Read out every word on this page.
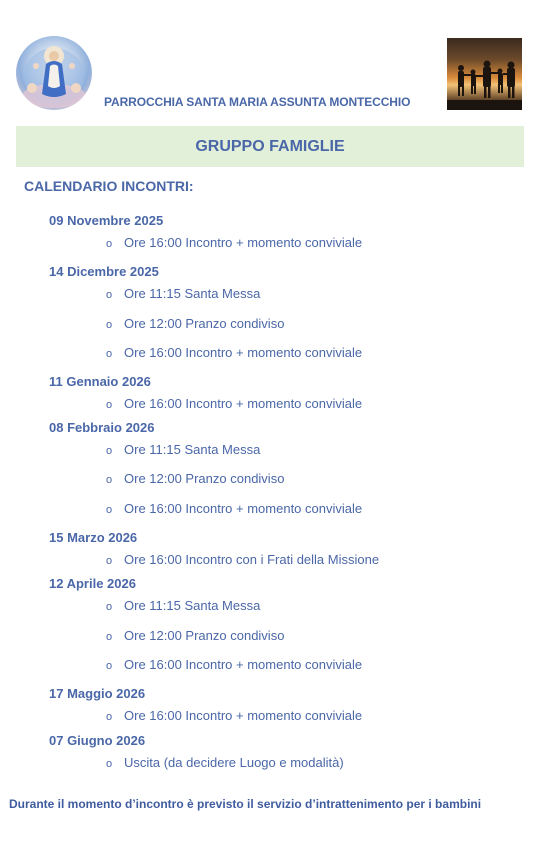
PARROCCHIA SANTA MARIA ASSUNTA MONTECCHIO
GRUPPO FAMIGLIE
CALENDARIO INCONTRI:
09 Novembre 2025
o Ore 16:00 Incontro + momento conviviale
14 Dicembre 2025
o Ore 11:15 Santa Messa
o Ore 12:00 Pranzo condiviso
o Ore 16:00 Incontro + momento conviviale
11 Gennaio 2026
o Ore 16:00 Incontro + momento conviviale
08 Febbraio 2026
o Ore 11:15 Santa Messa
o Ore 12:00 Pranzo condiviso
o Ore 16:00 Incontro + momento conviviale
15 Marzo 2026
o Ore 16:00 Incontro con i Frati della Missione
12 Aprile 2026
o Ore 11:15 Santa Messa
o Ore 12:00 Pranzo condiviso
o Ore 16:00 Incontro + momento conviviale
17 Maggio 2026
o Ore 16:00 Incontro + momento conviviale
07 Giugno 2026
o Uscita (da decidere Luogo e modalità)
Durante il momento d’incontro è previsto il servizio d’intrattenimento per i bambini
